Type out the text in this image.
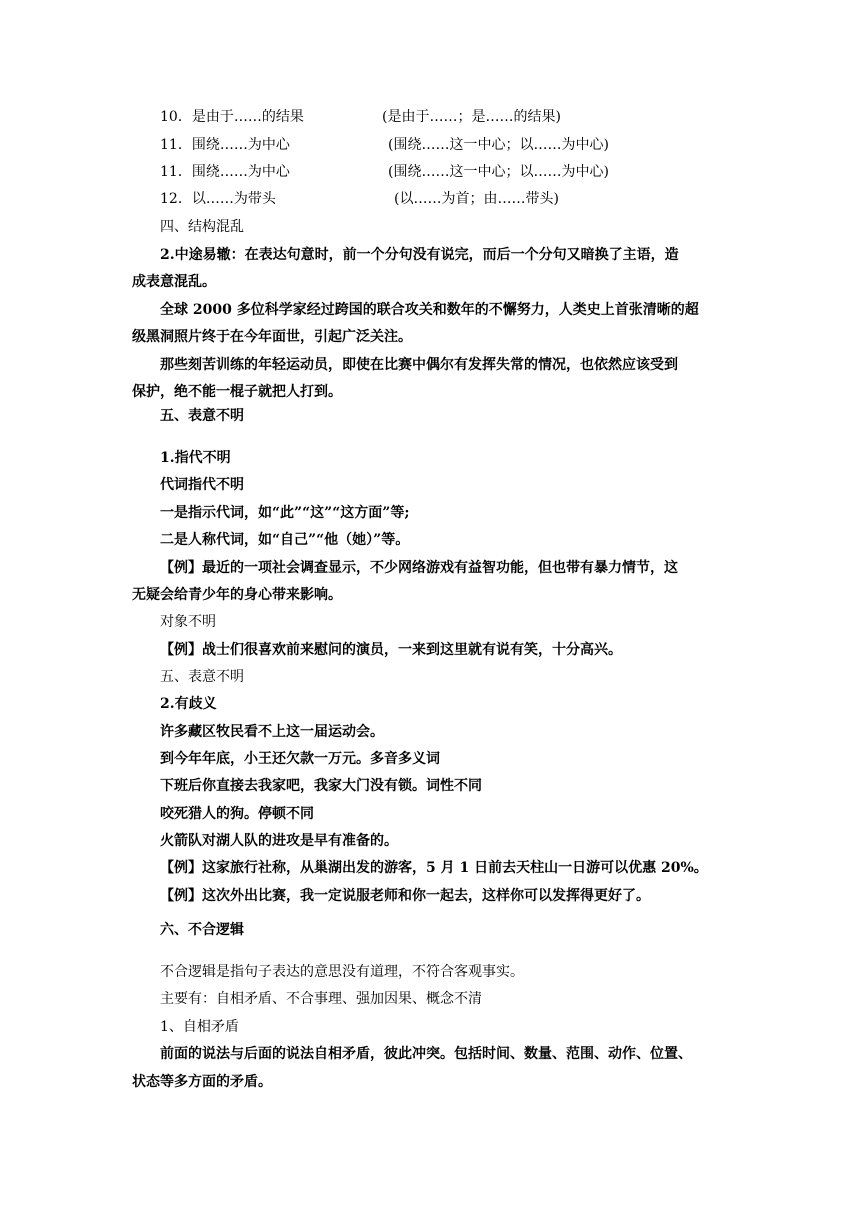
10．是由于……的结果	(是由于……；是……的结果)
11．围绕……为中心	(围绕……这一中心；以……为中心)
11．围绕……为中心	(围绕……这一中心；以……为中心)
12．以……为带头	(以……为首；由……带头)
四、结构混乱
2.中途易辙：在表达句意时，前一个分句没有说完，而后一个分句又暗换了主语，造
成表意混乱。
全球 2000 多位科学家经过跨国的联合攻关和数年的不懈努力，人类史上首张清晰的超
级黑洞照片终于在今年面世，引起广泛关注。
那些刻苦训练的年轻运动员，即使在比赛中偶尔有发挥失常的情况，也依然应该受到
保护，绝不能一棍子就把人打到。
五、表意不明
1.指代不明
代词指代不明
一是指示代词，如“此”“这”“这方面”等;
二是人称代词，如“自己”“他（她）”等。
【例】最近的一项社会调查显示，不少网络游戏有益智功能，但也带有暴力情节，这
无疑会给青少年的身心带来影响。
对象不明
【例】战士们很喜欢前来慰问的演员，一来到这里就有说有笑，十分高兴。
五、表意不明
2.有歧义
许多藏区牧民看不上这一届运动会。
到今年年底，小王还欠款一万元。多音多义词
下班后你直接去我家吧，我家大门没有锁。词性不同
咬死猎人的狗。停顿不同
火箭队对湖人队的进攻是早有准备的。
【例】这家旅行社称，从巢湖出发的游客，5 月 1 日前去天柱山一日游可以优惠 20%。
【例】这次外出比赛，我一定说服老师和你一起去，这样你可以发挥得更好了。
六、不合逻辑
不合逻辑是指句子表达的意思没有道理，不符合客观事实。
主要有：自相矛盾、不合事理、强加因果、概念不清
1、自相矛盾
前面的说法与后面的说法自相矛盾，彼此冲突。包括时间、数量、范围、动作、位置、
状态等多方面的矛盾。
